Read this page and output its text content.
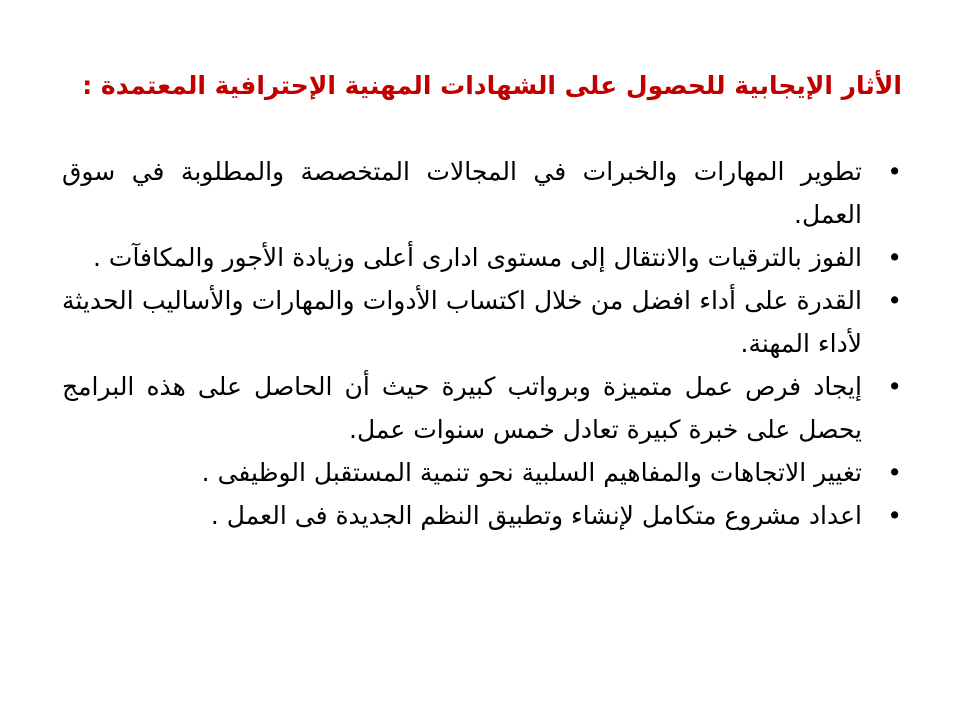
الأثار الإيجابية للحصول على الشهادات المهنية الإحترافية المعتمدة :
•
تطوير المهارات والخبرات في المجالات المتخصصة والمطلوبة في سوق العمل.
•
الفوز بالترقيات والانتقال إلى مستوى ادارى أعلى وزيادة الأجور والمكافآت .
•
القدرة على أداء افضل من خلال اكتساب الأدوات والمهارات والأساليب الحديثة لأداء المهنة.
•
إيجاد فرص عمل متميزة وبرواتب كبيرة حيث أن الحاصل على هذه البرامج يحصل على خبرة كبيرة تعادل خمس سنوات عمل.
•
تغيير الاتجاهات والمفاهيم السلبية نحو تنمية المستقبل الوظيفى .
•
اعداد مشروع متكامل لإنشاء وتطبيق النظم الجديدة فى العمل .
